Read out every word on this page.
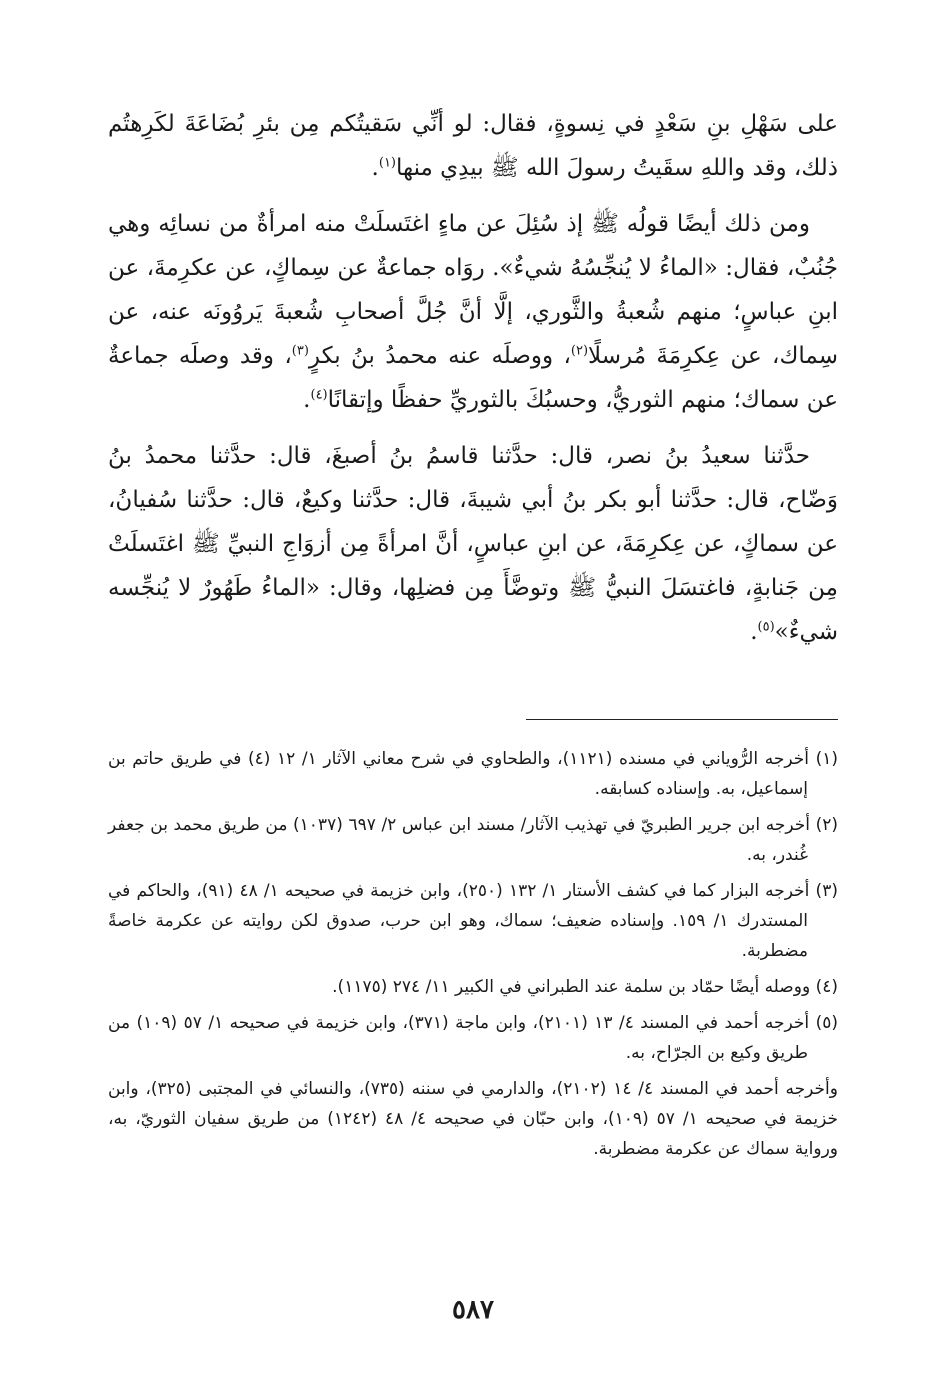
على سَهْلِ بنِ سَعْدٍ في نِسوةٍ، فقال: لو أنِّي سَقيتُكم مِن بئرِ بُضَاعَةَ لكَرِهتُم ذلك، وقد واللهِ سقَيتُ رسولَ الله ﷺ بيدِي منها$^{(١)}$.

ومن ذلك أيضًا قولُه ﷺ إذ سُئِلَ عن ماءٍ اغتَسلَتْ منه امرأةٌ من نسائِه وهي جُنُبٌ، فقال: «الماءُ لا يُنجِّسُهُ شيءٌ». روَاه جماعةٌ عن سِماكٍ، عن عكرِمةَ، عن ابنِ عباسٍ؛ منهم شُعبةُ والثَّوري، إلَّا أنَّ جُلَّ أصحابِ شُعبةَ يَروُونَه عنه، عن سِماك، عن عِكرِمَةَ مُرسلًا$^{(٢)}$، ووصلَه عنه محمدُ بنُ بكرٍ$^{(٣)}$، وقد وصلَه جماعةٌ عن سماك؛ منهم الثوريُّ، وحسبُكَ بالثوريِّ حفظًا وإتقانًا$^{(٤)}$.

حدَّثنا سعيدُ بنُ نصر، قال: حدَّثنا قاسمُ بنُ أصبغَ، قال: حدَّثنا محمدُ بنُ وَضّاح، قال: حدَّثنا أبو بكر بنُ أبي شيبةَ، قال: حدَّثنا وكيعٌ، قال: حدَّثنا سُفيانُ، عن سماكٍ، عن عِكرِمَةَ، عن ابنِ عباسٍ، أنَّ امرأةً مِن أزوَاجِ النبيِّ ﷺ اغتَسلَتْ مِن جَنابةٍ، فاغتسَلَ النبيُّ ﷺ وتوضَّأَ مِن فضلِها، وقال: «الماءُ طَهُورٌ لا يُنجِّسه شيءٌ»$^{(٥)}$.

(١) أخرجه الرُّوياني في مسنده (١١٢١)، والطحاوي في شرح معاني الآثار ١/ ١٢ (٤) في طريق حاتم بن إسماعيل، به. وإسناده كسابقه.
(٢) أخرجه ابن جرير الطبريّ في تهذيب الآثار/ مسند ابن عباس ٢/ ٦٩٧ (١٠٣٧) من طريق محمد بن جعفر غُندر، به.
(٣) أخرجه البزار كما في كشف الأستار ١/ ١٣٢ (٢٥٠)، وابن خزيمة في صحيحه ١/ ٤٨ (٩١)، والحاكم في المستدرك ١/ ١٥٩. وإسناده ضعيف؛ سماك، وهو ابن حرب، صدوق لكن روايته عن عكرمة خاصةً مضطربة.
(٤) ووصله أيضًا حمّاد بن سلمة عند الطبراني في الكبير ١١/ ٢٧٤ (١١٧٥).
(٥) أخرجه أحمد في المسند ٤/ ١٣ (٢١٠١)، وابن ماجة (٣٧١)، وابن خزيمة في صحيحه ١/ ٥٧ (١٠٩) من طريق وكيع بن الجرّاح، به.
وأخرجه أحمد في المسند ٤/ ١٤ (٢١٠٢)، والدارمي في سننه (٧٣٥)، والنسائي في المجتبى (٣٢٥)، وابن خزيمة في صحيحه ١/ ٥٧ (١٠٩)، وابن حبّان في صحيحه ٤/ ٤٨ (١٢٤٢) من طريق سفيان الثوريّ، به، ورواية سماك عن عكرمة مضطربة.
٥٨٧
